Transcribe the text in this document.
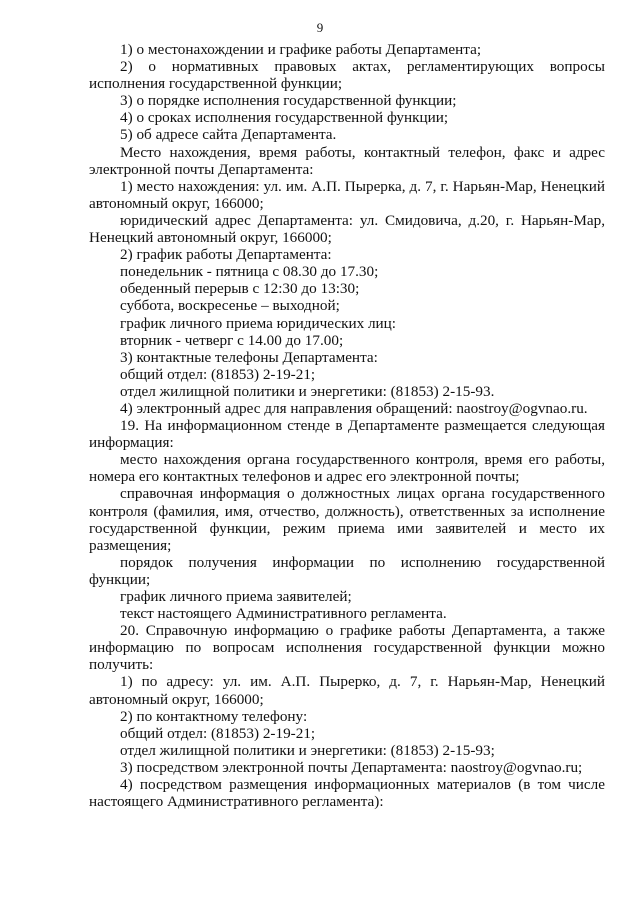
9

1) о местонахождении и графике работы Департамента;

2) о нормативных правовых актах, регламентирующих вопросы исполнения государственной функции;

3) о порядке исполнения государственной функции;

4) о сроках исполнения государственной функции;

5) об адресе сайта Департамента.

Место нахождения, время работы, контактный телефон, факс и адрес электронной почты Департамента:

1) место нахождения: ул. им. А.П. Пырерка, д. 7, г. Нарьян-Мар, Ненецкий автономный округ, 166000;

юридический адрес Департамента: ул. Смидовича, д.20, г. Нарьян-Мар, Ненецкий автономный округ, 166000;

2) график работы Департамента:

понедельник - пятница с 08.30 до 17.30;

обеденный перерыв с 12:30 до 13:30;

суббота, воскресенье – выходной;

график личного приема юридических лиц:

вторник - четверг с 14.00 до 17.00;

3) контактные телефоны Департамента:

общий отдел: (81853) 2-19-21;

отдел жилищной политики и энергетики: (81853) 2-15-93.

4) электронный адрес для направления обращений: naostroy@ogvnao.ru.

19. На информационном стенде в Департаменте размещается следующая информация:

место нахождения органа государственного контроля, время его работы, номера его контактных телефонов и адрес его электронной почты;

справочная информация о должностных лицах органа государственного контроля (фамилия, имя, отчество, должность), ответственных за исполнение государственной функции, режим приема ими заявителей и место их размещения;

порядок получения информации по исполнению государственной функции;

график личного приема заявителей;

текст настоящего Административного регламента.

20. Справочную информацию о графике работы Департамента, а также информацию по вопросам исполнения государственной функции можно получить:

1) по адресу: ул. им. А.П. Пырерко, д. 7, г. Нарьян-Мар, Ненецкий автономный округ, 166000;

2) по контактному телефону:

общий отдел: (81853) 2-19-21;

отдел жилищной политики и энергетики: (81853) 2-15-93;

3) посредством электронной почты Департамента: naostroy@ogvnao.ru;

4) посредством размещения информационных материалов (в том числе настоящего Административного регламента):
